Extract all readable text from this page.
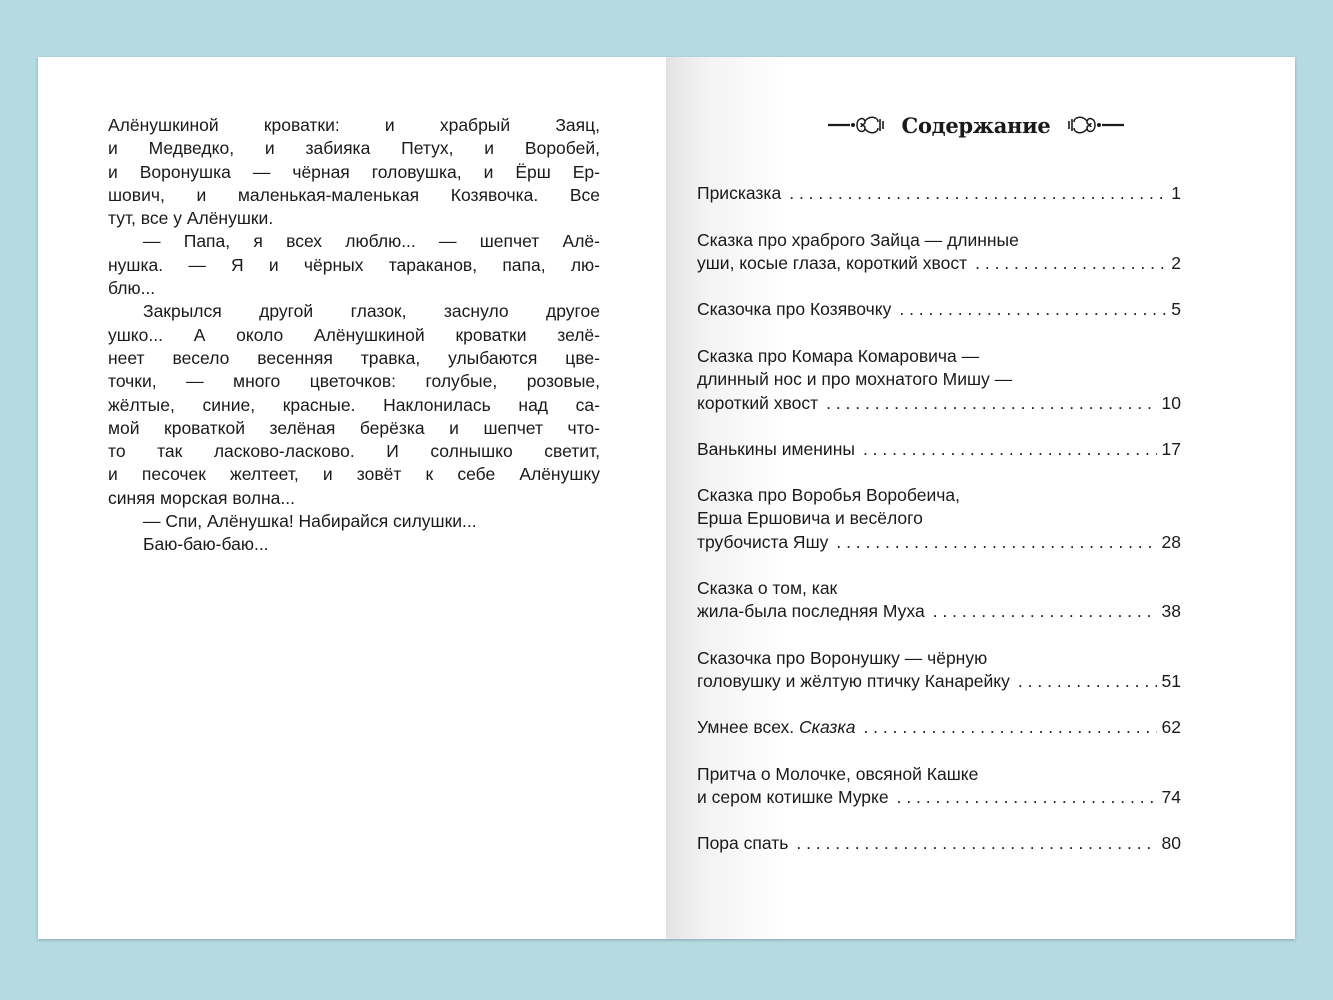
Алёнушкиной кроватки: и храбрый Заяц,

и Медведко, и забияка Петух, и Воробей,

и Воронушка — чёрная головушка, и Ёрш Ер-

шович, и маленькая-маленькая Козявочка. Все

тут, все у Алёнушки.

— Папа, я всех люблю... — шепчет Алё-

нушка. — Я и чёрных тараканов, папа, лю-

блю...

Закрылся другой глазок, заснуло другое

ушко... А около Алёнушкиной кроватки зелё-

неет весело весенняя травка, улыбаются цве-

точки, — много цветочков: голубые, розовые,

жёлтые, синие, красные. Наклонилась над са-

мой кроваткой зелёная берёзка и шепчет что-

то так ласково-ласково. И солнышко светит,

и песочек желтеет, и зовёт к себе Алёнушку

синяя морская волна...

— Спи, Алёнушка! Набирайся силушки...

Баю-баю-баю...

Содержание
Присказка . . .	1
Сказка про храброго Зайца — длинные
уши, косые глаза, короткий хвост . . .	2
Сказочка про Козявочку . . .	5
Сказка про Комара Комаровича —
длинный нос и про мохнатого Мишу —
короткий хвост . . .	10
Ванькины именины . . .	17
Сказка про Воробья Воробеича,
Ерша Ершовича и весёлого
трубочиста Яшу . . .	28
Сказка о том, как
жила-была последняя Муха . . .	38
Сказочка про Воронушку — чёрную
головушку и жёлтую птичку Канарейку . . .	51
Умнее всех. Сказка . . .	62
Притча о Молочке, овсяной Кашке
и сером котишке Мурке . . .	74
Пора спать . . .	80
